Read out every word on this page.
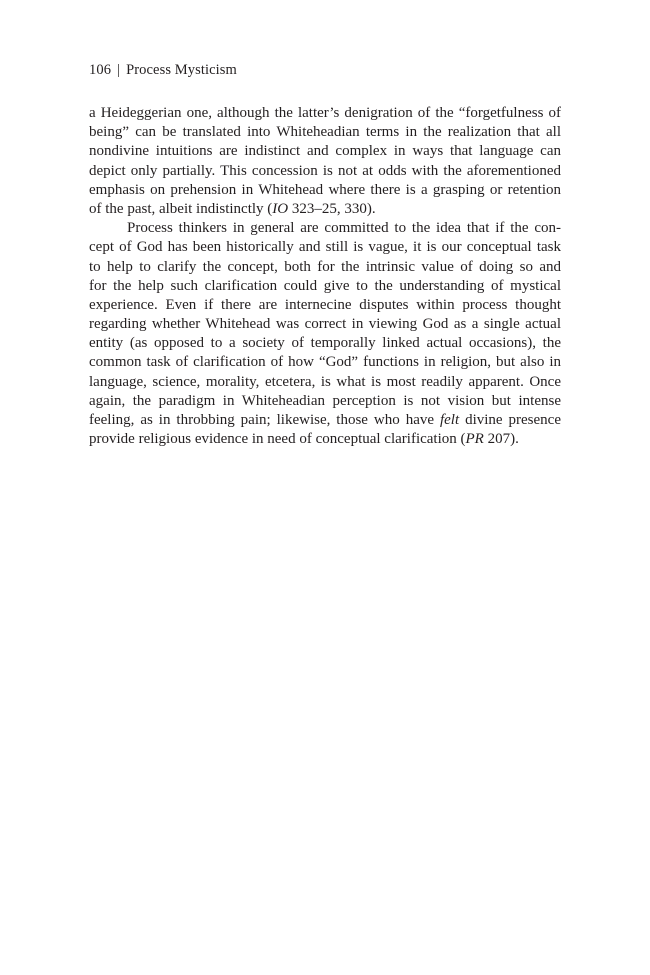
106 | Process Mysticism
a Heideggerian one, although the latter’s denigration of the “forgetfulness of
being” can be translated into Whiteheadian terms in the realization that all
nondivine intuitions are indistinct and complex in ways that language can
depict only partially. This concession is not at odds with the aforementioned
emphasis on prehension in Whitehead where there is a grasping or retention
of the past, albeit indistinctly (IO 323–25, 330).
Process thinkers in general are committed to the idea that if the con-
cept of God has been historically and still is vague, it is our conceptual task
to help to clarify the concept, both for the intrinsic value of doing so and
for the help such clarification could give to the understanding of mystical
experience. Even if there are internecine disputes within process thought
regarding whether Whitehead was correct in viewing God as a single actual
entity (as opposed to a society of temporally linked actual occasions), the
common task of clarification of how “God” functions in religion, but also in
language, science, morality, etcetera, is what is most readily apparent. Once
again, the paradigm in Whiteheadian perception is not vision but intense
feeling, as in throbbing pain; likewise, those who have felt divine presence
provide religious evidence in need of conceptual clarification (PR 207).
